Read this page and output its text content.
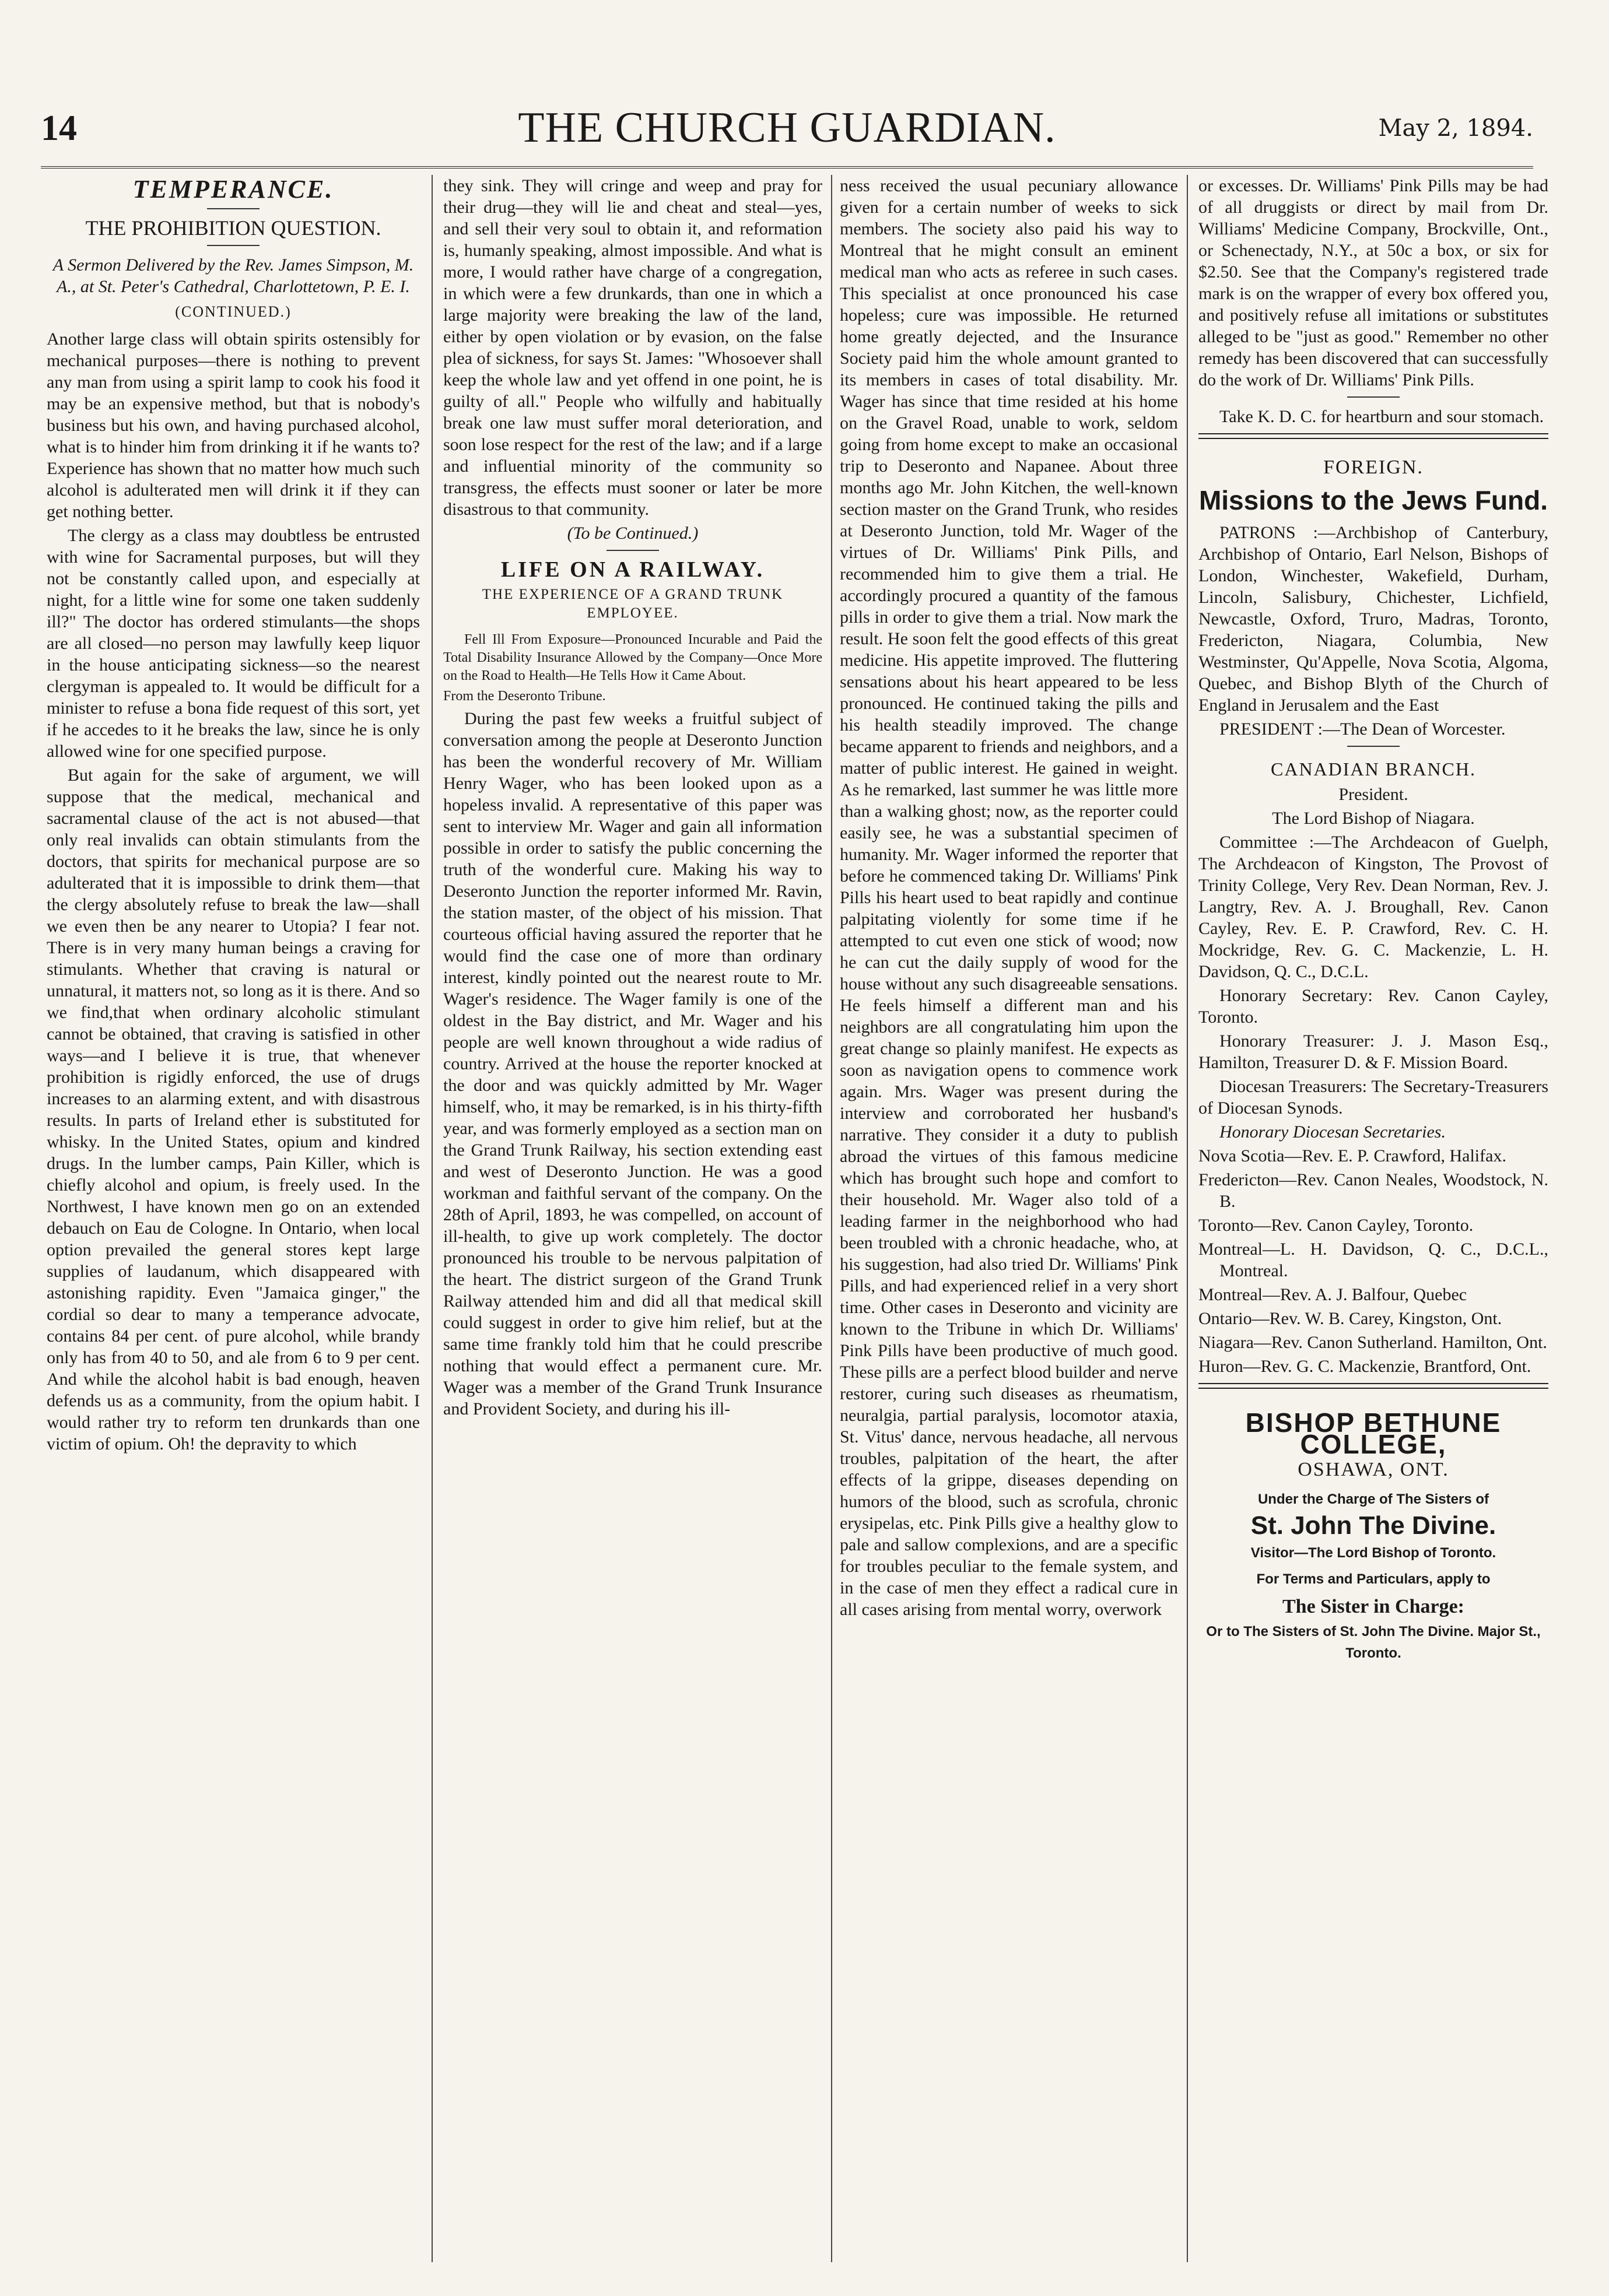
14	THE CHURCH GUARDIAN.	May 2, 1894.
TEMPERANCE.
THE PROHIBITION QUESTION.

A Sermon Delivered by the Rev. James Simpson, M. A., at St. Peter's Cathedral, Charlottetown, P. E. I.

(CONTINUED.)

Another large class will obtain spirits ostensibly for mechanical purposes—there is nothing to prevent any man from using a spirit lamp to cook his food it may be an expensive method, but that is nobody's business but his own, and having purchased alcohol, what is to hinder him from drinking it if he wants to? Experience has shown that no matter how much such alcohol is adulterated men will drink it if they can get nothing better.

The clergy as a class may doubtless be entrusted with wine for Sacramental purposes, but will they not be constantly called upon, and especially at night, for a little wine for some one taken suddenly ill?" The doctor has ordered stimulants—the shops are all closed—no person may lawfully keep liquor in the house anticipating sickness—so the nearest clergyman is appealed to. It would be difficult for a minister to refuse a bona fide request of this sort, yet if he accedes to it he breaks the law, since he is only allowed wine for one specified purpose.

But again for the sake of argument, we will suppose that the medical, mechanical and sacramental clause of the act is not abused—that only real invalids can obtain stimulants from the doctors, that spirits for mechanical purpose are so adulterated that it is impossible to drink them—that the clergy absolutely refuse to break the law—shall we even then be any nearer to Utopia? I fear not. There is in very many human beings a craving for stimulants. Whether that craving is natural or unnatural, it matters not, so long as it is there. And so we find,that when ordinary alcoholic stimulant cannot be obtained, that craving is satisfied in other ways—and I believe it is true, that whenever prohibition is rigidly enforced, the use of drugs increases to an alarming extent, and with disastrous results. In parts of Ireland ether is substituted for whisky. In the United States, opium and kindred drugs. In the lumber camps, Pain Killer, which is chiefly alcohol and opium, is freely used. In the Northwest, I have known men go on an extended debauch on Eau de Cologne. In Ontario, when local option prevailed the general stores kept large supplies of laudanum, which disappeared with astonishing rapidity. Even "Jamaica ginger," the cordial so dear to many a temperance advocate, contains 84 per cent. of pure alcohol, while brandy only has from 40 to 50, and ale from 6 to 9 per cent. And while the alcohol habit is bad enough, heaven defends us as a community, from the opium habit. I would rather try to reform ten drunkards than one victim of opium. Oh! the depravity to which

they sink. They will cringe and weep and pray for their drug—they will lie and cheat and steal—yes, and sell their very soul to obtain it, and reformation is, humanly speaking, almost impossible. And what is more, I would rather have charge of a congregation, in which were a few drunkards, than one in which a large majority were breaking the law of the land, either by open violation or by evasion, on the false plea of sickness, for says St. James: "Whosoever shall keep the whole law and yet offend in one point, he is guilty of all." People who wilfully and habitually break one law must suffer moral deterioration, and soon lose respect for the rest of the law; and if a large and influential minority of the community so transgress, the effects must sooner or later be more disastrous to that community.

(To be Continued.)

LIFE ON A RAILWAY.
THE EXPERIENCE OF A GRAND TRUNK EMPLOYEE.

Fell Ill From Exposure—Pronounced Incurable and Paid the Total Disability Insurance Allowed by the Company—Once More on the Road to Health—He Tells How it Came About.

From the Deseronto Tribune.

During the past few weeks a fruitful subject of conversation among the people at Deseronto Junction has been the wonderful recovery of Mr. William Henry Wager, who has been looked upon as a hopeless invalid. A representative of this paper was sent to interview Mr. Wager and gain all information possible in order to satisfy the public concerning the truth of the wonderful cure. Making his way to Deseronto Junction the reporter informed Mr. Ravin, the station master, of the object of his mission. That courteous official having assured the reporter that he would find the case one of more than ordinary interest, kindly pointed out the nearest route to Mr. Wager's residence. The Wager family is one of the oldest in the Bay district, and Mr. Wager and his people are well known throughout a wide radius of country. Arrived at the house the reporter knocked at the door and was quickly admitted by Mr. Wager himself, who, it may be remarked, is in his thirty-fifth year, and was formerly employed as a section man on the Grand Trunk Railway, his section extending east and west of Deseronto Junction. He was a good workman and faithful servant of the company. On the 28th of April, 1893, he was compelled, on account of ill-health, to give up work completely. The doctor pronounced his trouble to be nervous palpitation of the heart. The district surgeon of the Grand Trunk Railway attended him and did all that medical skill could suggest in order to give him relief, but at the same time frankly told him that he could prescribe nothing that would effect a permanent cure. Mr. Wager was a member of the Grand Trunk Insurance and Provident Society, and during his ill-

ness received the usual pecuniary allowance given for a certain number of weeks to sick members. The society also paid his way to Montreal that he might consult an eminent medical man who acts as referee in such cases. This specialist at once pronounced his case hopeless; cure was impossible. He returned home greatly dejected, and the Insurance Society paid him the whole amount granted to its members in cases of total disability. Mr. Wager has since that time resided at his home on the Gravel Road, unable to work, seldom going from home except to make an occasional trip to Deseronto and Napanee. About three months ago Mr. John Kitchen, the well-known section master on the Grand Trunk, who resides at Deseronto Junction, told Mr. Wager of the virtues of Dr. Williams' Pink Pills, and recommended him to give them a trial. He accordingly procured a quantity of the famous pills in order to give them a trial. Now mark the result. He soon felt the good effects of this great medicine. His appetite improved. The fluttering sensations about his heart appeared to be less pronounced. He continued taking the pills and his health steadily improved. The change became apparent to friends and neighbors, and a matter of public interest. He gained in weight. As he remarked, last summer he was little more than a walking ghost; now, as the reporter could easily see, he was a substantial specimen of humanity. Mr. Wager informed the reporter that before he commenced taking Dr. Williams' Pink Pills his heart used to beat rapidly and continue palpitating violently for some time if he attempted to cut even one stick of wood; now he can cut the daily supply of wood for the house without any such disagreeable sensations. He feels himself a different man and his neighbors are all congratulating him upon the great change so plainly manifest. He expects as soon as navigation opens to commence work again. Mrs. Wager was present during the interview and corroborated her husband's narrative. They consider it a duty to publish abroad the virtues of this famous medicine which has brought such hope and comfort to their household. Mr. Wager also told of a leading farmer in the neighborhood who had been troubled with a chronic headache, who, at his suggestion, had also tried Dr. Williams' Pink Pills, and had experienced relief in a very short time. Other cases in Deseronto and vicinity are known to the Tribune in which Dr. Williams' Pink Pills have been productive of much good. These pills are a perfect blood builder and nerve restorer, curing such diseases as rheumatism, neuralgia, partial paralysis, locomotor ataxia, St. Vitus' dance, nervous headache, all nervous troubles, palpitation of the heart, the after effects of la grippe, diseases depending on humors of the blood, such as scrofula, chronic erysipelas, etc. Pink Pills give a healthy glow to pale and sallow complexions, and are a specific for troubles peculiar to the female system, and in the case of men they effect a radical cure in all cases arising from mental worry, overwork

or excesses. Dr. Williams' Pink Pills may be had of all druggists or direct by mail from Dr. Williams' Medicine Company, Brockville, Ont., or Schenectady, N.Y., at 50c a box, or six for $2.50. See that the Company's registered trade mark is on the wrapper of every box offered you, and positively refuse all imitations or substitutes alleged to be "just as good." Remember no other remedy has been discovered that can successfully do the work of Dr. Williams' Pink Pills.

Take K. D. C. for heartburn and sour stomach.

FOREIGN.
Missions to the Jews Fund.

PATRONS :—Archbishop of Canterbury, Archbishop of Ontario, Earl Nelson, Bishops of London, Winchester, Wakefield, Durham, Lincoln, Salisbury, Chichester, Lichfield, Newcastle, Oxford, Truro, Madras, Toronto, Fredericton, Niagara, Columbia, New Westminster, Qu'Appelle, Nova Scotia, Algoma, Quebec, and Bishop Blyth of the Church of England in Jerusalem and the East

PRESIDENT :—The Dean of Worcester.

CANADIAN BRANCH.

President.

The Lord Bishop of Niagara.

Committee :—The Archdeacon of Guelph, The Archdeacon of Kingston, The Provost of Trinity College, Very Rev. Dean Norman, Rev. J. Langtry, Rev. A. J. Broughall, Rev. Canon Cayley, Rev. E. P. Crawford, Rev. C. H. Mockridge, Rev. G. C. Mackenzie, L. H. Davidson, Q. C., D.C.L.

Honorary Secretary: Rev. Canon Cayley, Toronto.

Honorary Treasurer: J. J. Mason Esq., Hamilton, Treasurer D. & F. Mission Board.

Diocesan Treasurers: The Secretary-Treasurers of Diocesan Synods.

Honorary Diocesan Secretaries.

Nova Scotia—Rev. E. P. Crawford, Halifax.

Fredericton—Rev. Canon Neales, Woodstock, N. B.

Toronto—Rev. Canon Cayley, Toronto.

Montreal—L. H. Davidson, Q. C., D.C.L., Montreal.

Montreal—Rev. A. J. Balfour, Quebec

Ontario—Rev. W. B. Carey, Kingston, Ont.

Niagara—Rev. Canon Sutherland. Hamilton, Ont.

Huron—Rev. G. C. Mackenzie, Brantford, Ont.

BISHOP BETHUNE COLLEGE,
OSHAWA, ONT.
Under the Charge of The Sisters of
St. John The Divine.
Visitor—The Lord Bishop of Toronto.
For Terms and Particulars, apply to
The Sister in Charge:
Or to The Sisters of St. John The Divine. Major St., Toronto.
